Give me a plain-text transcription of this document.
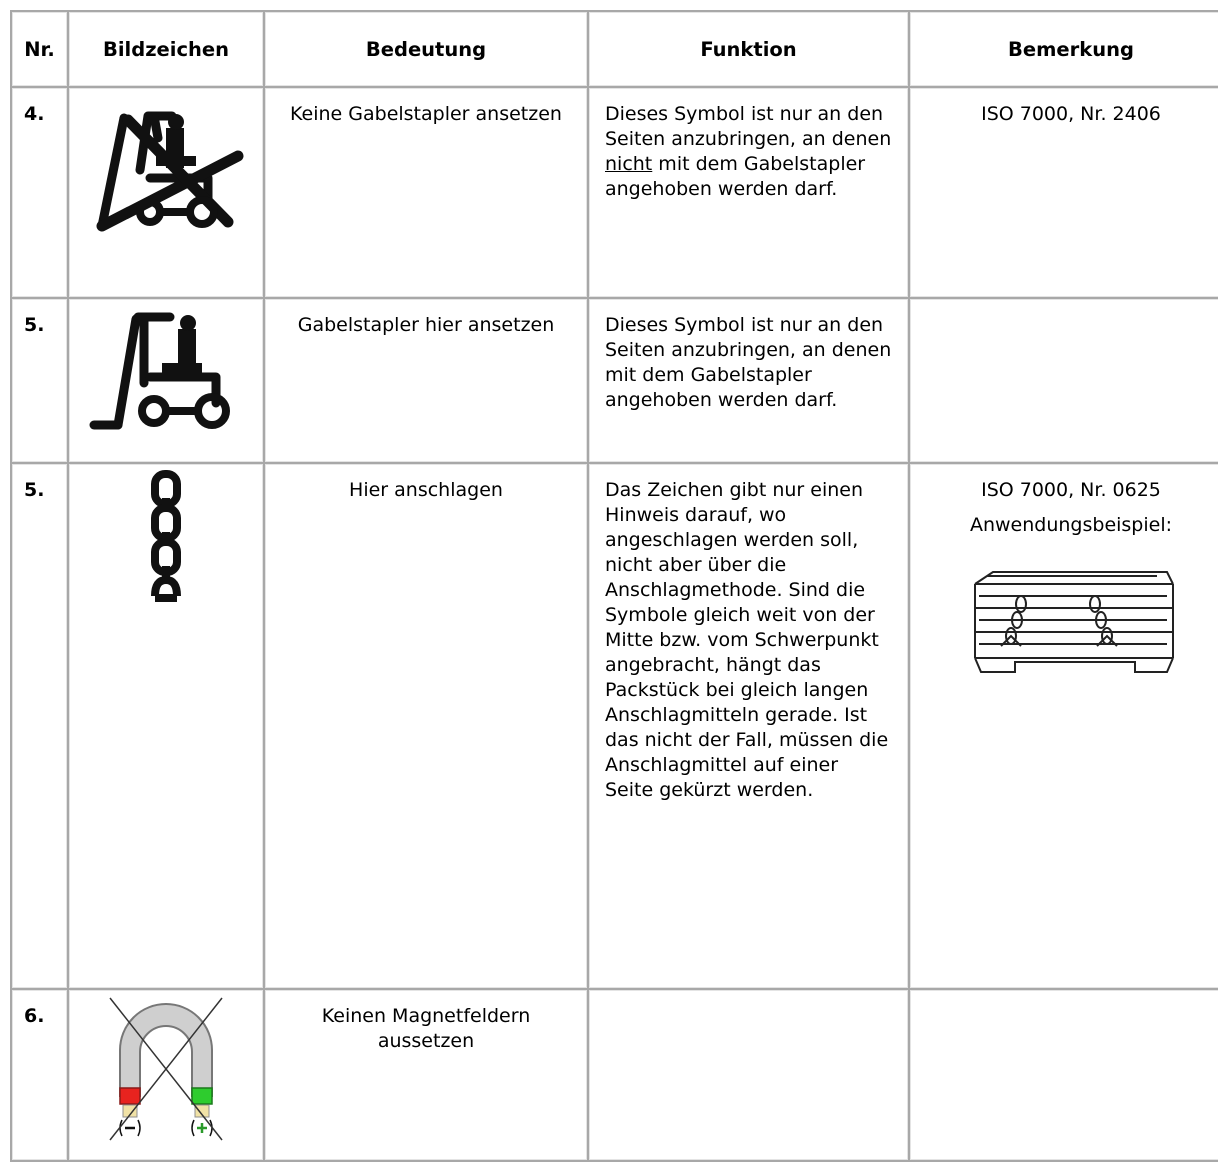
Nr.	Bildzeichen	Bedeutung	Funktion	Bemerkung

4.		Keine Gabelstapler ansetzen	Dieses Symbol ist nur an den Seiten anzubringen, an denen nicht mit dem Gabelstapler angehoben werden darf.	ISO 7000, Nr. 2406

5.		Gabelstapler hier ansetzen	Dieses Symbol ist nur an den Seiten anzubringen, an denen mit dem Gabelstapler angehoben werden darf.	

5.		Hier anschlagen	Das Zeichen gibt nur einen Hinweis darauf, wo angeschlagen werden soll, nicht aber über die Anschlagmethode. Sind die Symbole gleich weit von der Mitte bzw. vom Schwerpunkt angebracht, hängt das Packstück bei gleich langen Anschlagmitteln gerade. Ist das nicht der Fall, müssen die Anschlagmittel auf einer Seite gekürzt werden.	ISO 7000, Nr. 0625
Anwendungsbeispiel:

6.		Keinen Magnetfeldern aussetzen		
